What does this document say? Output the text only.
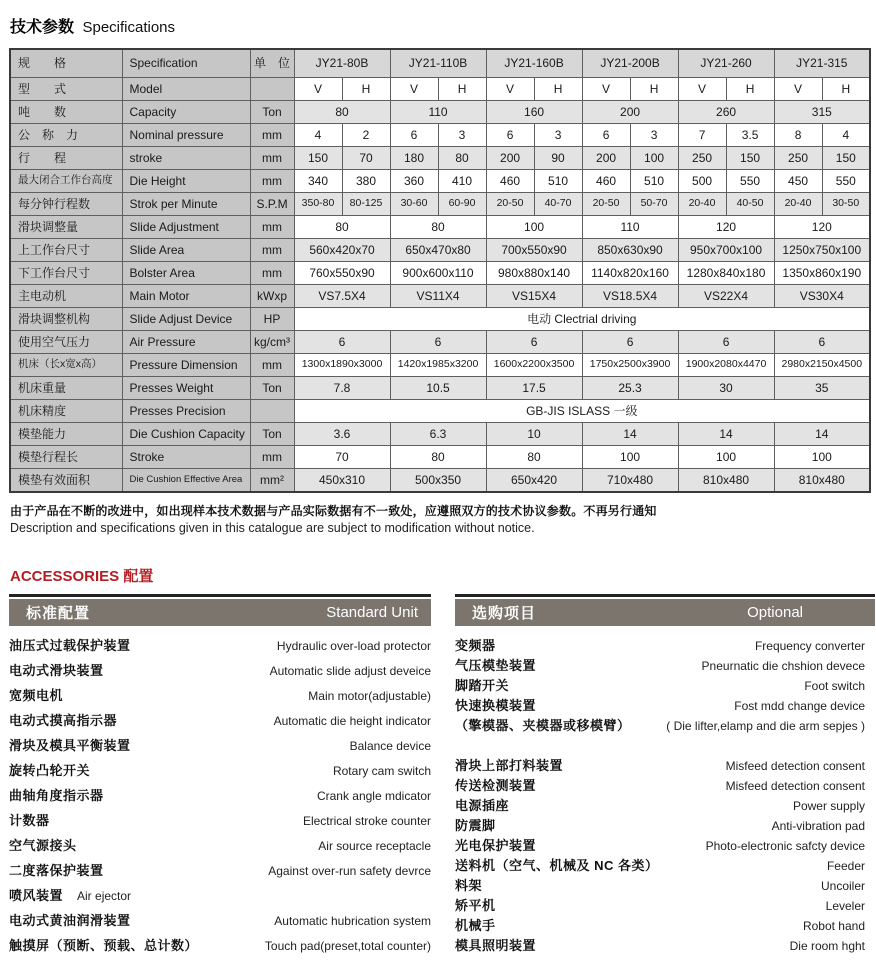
技术参数 Specifications
规　　格	Specification	单　位	JY21-80B		JY21-110B		JY21-160B		JY21-200B		JY21-260		JY21-315	
型　　式	Model		V	H	V	H	V	H	V	H	V	H	V	H
吨　　数	Capacity	Ton	80		110		160		200		260		315	
公　称　力	Nominal pressure	mm	4	2	6	3	6	3	6	3	7	3.5	8	4
行　　程	stroke	mm	150	70	180	80	200	90	200	100	250	150	250	150
最大闭合工作台高度	Die Height	mm	340	380	360	410	460	510	460	510	500	550	450	550
每分钟行程数	Strok per Minute	S.P.M	350-80	80-125	30-60	60-90	20-50	40-70	20-50	50-70	20-40	40-50	20-40	30-50
滑块调整量	Slide Adjustment	mm	80		80		100		110		120		120	
上工作台尺寸	Slide Area	mm	560x420x70		650x470x80		700x550x90		850x630x90		950x700x100		1250x750x100	
下工作台尺寸	Bolster Area	mm	760x550x90		900x600x110		980x880x140		1140x820x160		1280x840x180		1350x860x190	
主电动机	Main Motor	kWxp	VS7.5X4		VS11X4		VS15X4		VS18.5X4		VS22X4		VS30X4	
滑块调整机构	Slide Adjust Device	HP	电动 Clectrial driving											
使用空气压力	Air Pressure	kg/cm³	6		6		6		6		6		6	
机床（长x宽x高）	Pressure Dimension	mm	1300x1890x3000		1420x1985x3200		1600x2200x3500		1750x2500x3900		1900x2080x4470		2980x2150x4500	
机床重量	Presses Weight	Ton	7.8		10.5		17.5		25.3		30		35	
机床精度	Presses Precision		GB-JIS ISLASS 一级											
模垫能力	Die Cushion Capacity	Ton	3.6		6.3		10		14		14		14	
模垫行程长	Stroke	mm	70		80		80		100		100		100	
模垫有效面积	Die Cushion Effective Area	mm²	450x310		500x350		650x420		710x480		810x480		810x480	
由于产品在不断的改进中，如出现样本技术数据与产品实际数据有不一致处，应遵照双方的技术协议参数。不再另行通知
Description and specifications given in this catalogue are subject to modification without notice.
ACCESSORIES 配置
标准配置	Standard Unit
油压式过载保护装置	Hydraulic over-load protector
电动式滑块装置	Automatic slide adjust deveice
宽频电机	Main motor(adjustable)
电动式摸高指示器	Automatic die height indicator
滑块及模具平衡装置	Balance device
旋转凸轮开关	Rotary cam switch
曲轴角度指示器	Crank angle mdicator
计数器	Electrical stroke counter
空气源接头	Air source receptacle
二度落保护装置	Against over-run safety devrce
喷风装置 Air ejector
电动式黄油润滑装置	Automatic hubrication system
触摸屏（预断、预载、总计数）	Touch pad(preset,total counter)
选购项目	Optional
变频器	Frequency converter
气压模垫装置	Pneurnatic die chshion devece
脚踏开关	Foot switch
快速换模装置	Fost mdd change device
（擎模器、夹模器或移模臂）	( Die lifter,elamp and die arm sepjes )
滑块上部打料装置	Misfeed detection consent
传送检测装置	Misfeed detection consent
电源插座	Power supply
防震脚	Anti-vibration pad
光电保护装置	Photo-electronic safcty device
送料机（空气、机械及 NC 各类）	Feeder
料架	Uncoiler
矫平机	Leveler
机械手	Robot hand
模具照明装置	Die room hght
